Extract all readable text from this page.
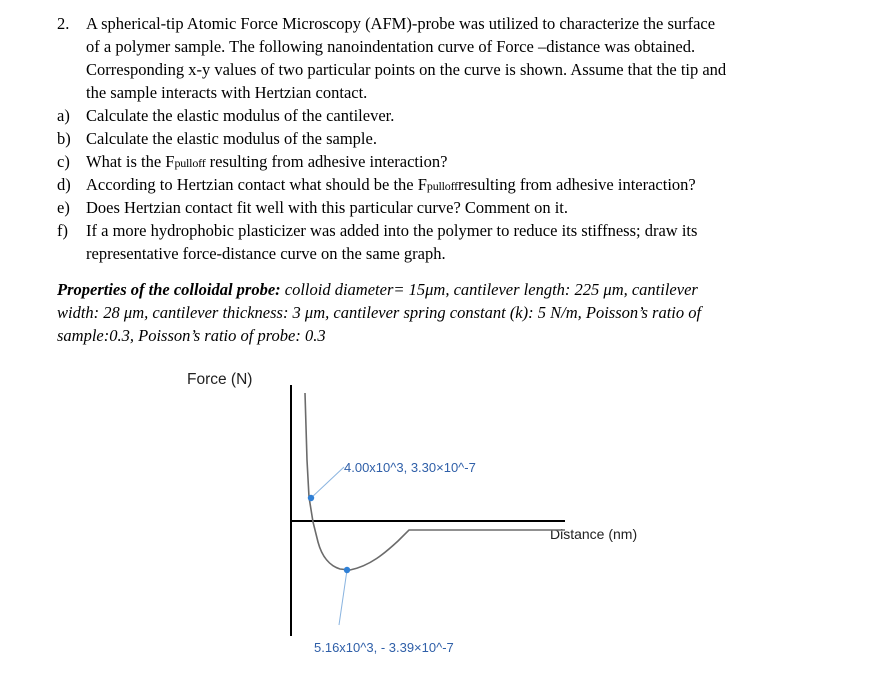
2. A spherical-tip Atomic Force Microscopy (AFM)-probe was utilized to characterize the surface
of a polymer sample. The following nanoindentation curve of Force –distance was obtained.
Corresponding x-y values of two particular points on the curve is shown. Assume that the tip and
the sample interacts with Hertzian contact.
a) Calculate the elastic modulus of the cantilever.
b) Calculate the elastic modulus of the sample.
c) What is the Fpulloff resulting from adhesive interaction?
d) According to Hertzian contact what should be the Fpulloffresulting from adhesive interaction?
e) Does Hertzian contact fit well with this particular curve? Comment on it.
f) If a more hydrophobic plasticizer was added into the polymer to reduce its stiffness; draw its
representative force-distance curve on the same graph.
Properties of the colloidal probe: colloid diameter= 15μm, cantilever length: 225 μm, cantilever
width: 28 μm, cantilever thickness: 3 μm, cantilever spring constant (k): 5 N/m, Poisson’s ratio of
sample:0.3, Poisson’s ratio of probe: 0.3
Force (N)
Distance (nm)
4.00x10^3, 3.30×10^-7
5.16x10^3, - 3.39×10^-7
